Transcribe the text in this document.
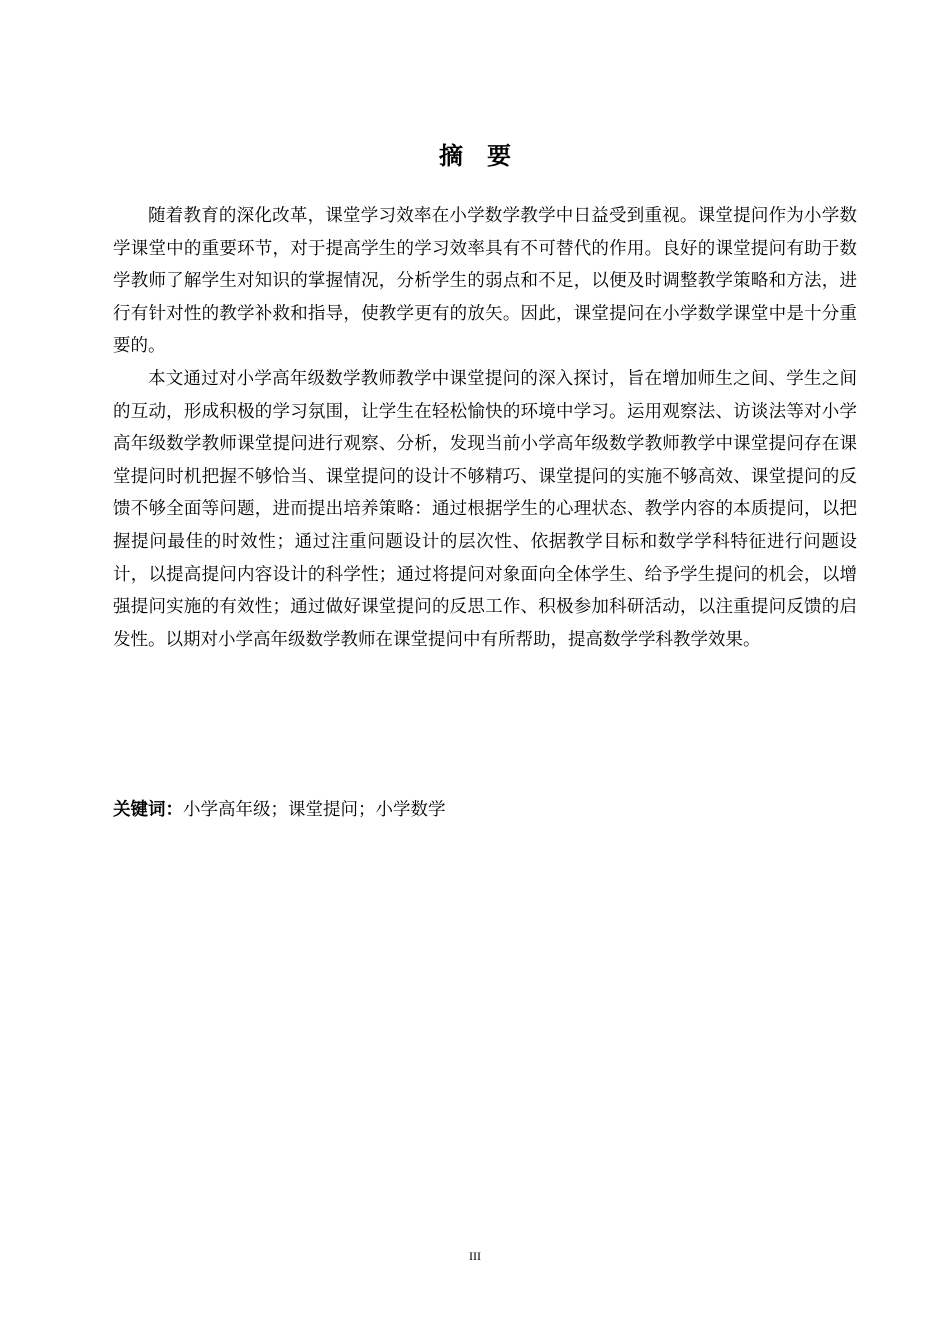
摘 要

随着教育的深化改革，课堂学习效率在小学数学教学中日益受到重视。课堂提问作为小学数学课堂中的重要环节，对于提高学生的学习效率具有不可替代的作用。良好的课堂提问有助于数学教师了解学生对知识的掌握情况，分析学生的弱点和不足，以便及时调整教学策略和方法，进行有针对性的教学补救和指导，使教学更有的放矢。因此，课堂提问在小学数学课堂中是十分重要的。

本文通过对小学高年级数学教师教学中课堂提问的深入探讨，旨在增加师生之间、学生之间的互动，形成积极的学习氛围，让学生在轻松愉快的环境中学习。运用观察法、访谈法等对小学高年级数学教师课堂提问进行观察、分析，发现当前小学高年级数学教师教学中课堂提问存在课堂提问时机把握不够恰当、课堂提问的设计不够精巧、课堂提问的实施不够高效、课堂提问的反馈不够全面等问题，进而提出培养策略：通过根据学生的心理状态、教学内容的本质提问，以把握提问最佳的时效性；通过注重问题设计的层次性、依据教学目标和数学学科特征进行问题设计，以提高提问内容设计的科学性；通过将提问对象面向全体学生、给予学生提问的机会，以增强提问实施的有效性；通过做好课堂提问的反思工作、积极参加科研活动，以注重提问反馈的启发性。以期对小学高年级数学教师在课堂提问中有所帮助，提高数学学科教学效果。

关键词：小学高年级；课堂提问；小学数学
III
